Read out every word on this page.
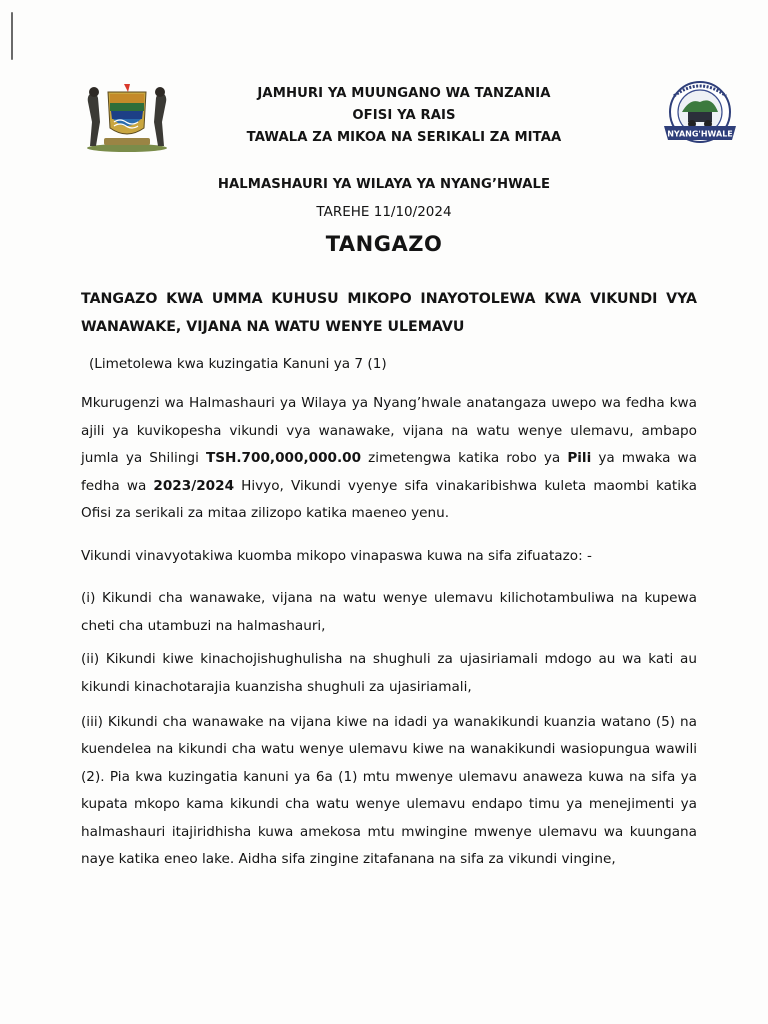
NYANG'HWALE
JAMHURI YA MUUNGANO WA TANZANIA
OFISI YA RAIS
TAWALA ZA MIKOA NA SERIKALI ZA MITAA
HALMASHAURI YA WILAYA YA NYANG’HWALE
TAREHE 11/10/2024
TANGAZO
TANGAZO KWA UMMA KUHUSU MIKOPO INAYOTOLEWA KWA VIKUNDI VYA
WANAWAKE, VIJANA NA WATU WENYE ULEMAVU
(Limetolewa kwa kuzingatia Kanuni ya 7 (1)
Mkurugenzi wa Halmashauri ya Wilaya ya Nyang’hwale anatangaza uwepo wa fedha kwa ajili ya kuvikopesha vikundi vya wanawake, vijana na watu wenye ulemavu, ambapo jumla ya Shilingi TSH.700,000,000.00 zimetengwa katika robo ya Pili ya mwaka wa fedha wa 2023/2024 Hivyo, Vikundi vyenye sifa vinakaribishwa kuleta maombi katika Ofisi za serikali za mitaa zilizopo katika maeneo yenu.
Vikundi vinavyotakiwa kuomba mikopo vinapaswa kuwa na sifa zifuatazo: -
(i) Kikundi cha wanawake, vijana na watu wenye ulemavu kilichotambuliwa na kupewa cheti cha utambuzi na halmashauri,
(ii) Kikundi kiwe kinachojishughulisha na shughuli za ujasiriamali mdogo au wa kati au kikundi kinachotarajia kuanzisha shughuli za ujasiriamali,
(iii) Kikundi cha wanawake na vijana kiwe na idadi ya wanakikundi kuanzia watano (5) na kuendelea na kikundi cha watu wenye ulemavu kiwe na wanakikundi wasiopungua wawili (2). Pia kwa kuzingatia kanuni ya 6a (1) mtu mwenye ulemavu anaweza kuwa na sifa ya kupata mkopo kama kikundi cha watu wenye ulemavu endapo timu ya menejimenti ya halmashauri itajiridhisha kuwa amekosa mtu mwingine mwenye ulemavu wa kuungana naye katika eneo lake. Aidha sifa zingine zitafanana na sifa za vikundi vingine,
